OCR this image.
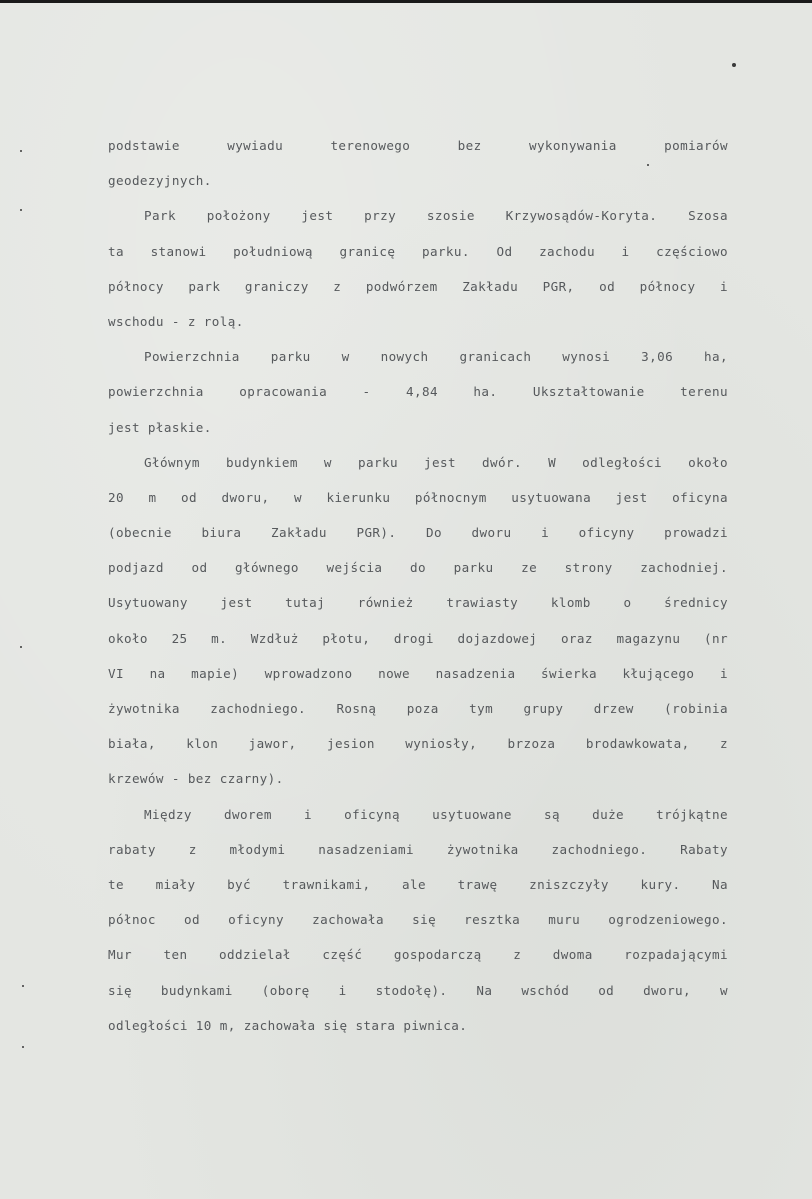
podstawie wywiadu terenowego bez wykonywania pomiarów
geodezyjnych.
Park położony jest przy szosie Krzywosądów-Koryta. Szosa
ta stanowi południową granicę parku. Od zachodu i częściowo
północy park graniczy z podwórzem Zakładu PGR, od północy i
wschodu - z rolą.
Powierzchnia parku w nowych granicach wynosi 3,06 ha,
powierzchnia opracowania - 4,84 ha. Ukształtowanie terenu
jest płaskie.
Głównym budynkiem w parku jest dwór. W odległości około
20 m od dworu, w kierunku północnym usytuowana jest oficyna
(obecnie biura Zakładu PGR). Do dworu i oficyny prowadzi
podjazd od głównego wejścia do parku ze strony zachodniej.
Usytuowany jest tutaj również trawiasty klomb o średnicy
około 25 m. Wzdłuż płotu, drogi dojazdowej oraz magazynu (nr
VI na mapie) wprowadzono nowe nasadzenia świerka kłującego i
żywotnika zachodniego. Rosną poza tym grupy drzew (robinia
biała, klon jawor, jesion wyniosły, brzoza brodawkowata, z
krzewów - bez czarny).
Między dworem i oficyną usytuowane są duże trójkątne
rabaty z młodymi nasadzeniami żywotnika zachodniego. Rabaty
te miały być trawnikami, ale trawę zniszczyły kury. Na
północ od oficyny zachowała się resztka muru ogrodzeniowego.
Mur ten oddzielał część gospodarczą z dwoma rozpadającymi
się budynkami (oborę i stodołę). Na wschód od dworu, w
odległości 10 m, zachowała się stara piwnica.
